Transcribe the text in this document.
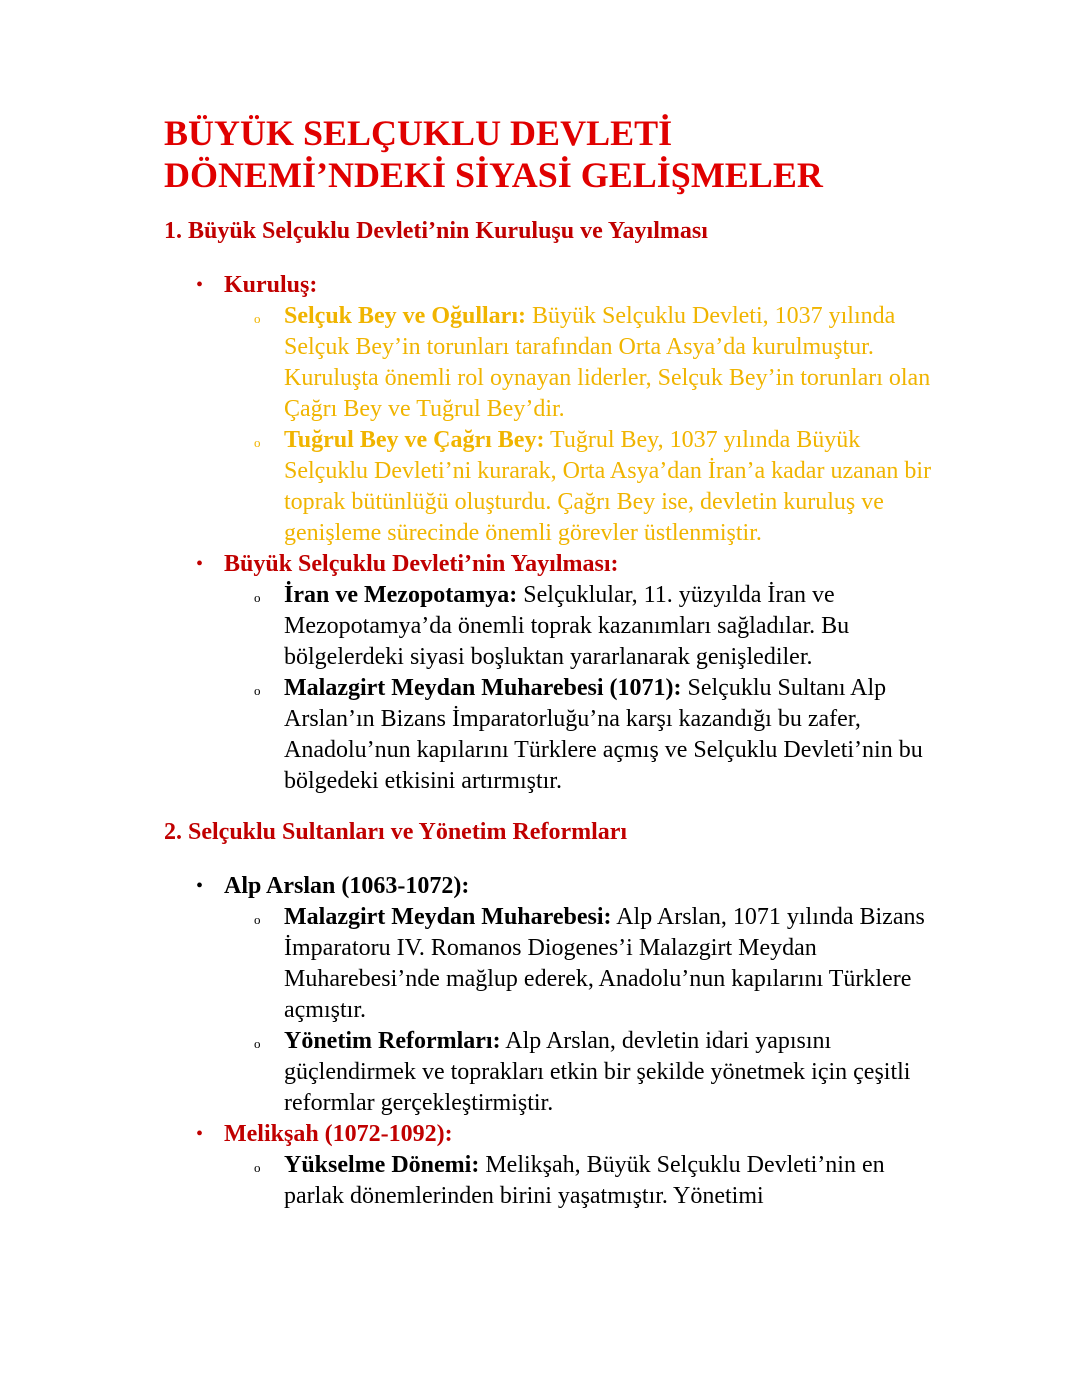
BÜYÜK SELÇUKLU DEVLETİ
DÖNEMİ’NDEKİ SİYASİ GELİŞMELER
1. Büyük Selçuklu Devleti’nin Kuruluşu ve Yayılması
• Kuruluş:
o Selçuk Bey ve Oğulları: Büyük Selçuklu Devleti, 1037 yılında Selçuk Bey’in torunları tarafından Orta Asya’da kurulmuştur. Kuruluşta önemli rol oynayan liderler, Selçuk Bey’in torunları olan Çağrı Bey ve Tuğrul Bey’dir.
o Tuğrul Bey ve Çağrı Bey: Tuğrul Bey, 1037 yılında Büyük Selçuklu Devleti’ni kurarak, Orta Asya’dan İran’a kadar uzanan bir toprak bütünlüğü oluşturdu. Çağrı Bey ise, devletin kuruluş ve genişleme sürecinde önemli görevler üstlenmiştir.
• Büyük Selçuklu Devleti’nin Yayılması:
o İran ve Mezopotamya: Selçuklular, 11. yüzyılda İran ve Mezopotamya’da önemli toprak kazanımları sağladılar. Bu bölgelerdeki siyasi boşluktan yararlanarak genişlediler.
o Malazgirt Meydan Muharebesi (1071): Selçuklu Sultanı Alp Arslan’ın Bizans İmparatorluğu’na karşı kazandığı bu zafer, Anadolu’nun kapılarını Türklere açmış ve Selçuklu Devleti’nin bu bölgedeki etkisini artırmıştır.
2. Selçuklu Sultanları ve Yönetim Reformları
• Alp Arslan (1063-1072):
o Malazgirt Meydan Muharebesi: Alp Arslan, 1071 yılında Bizans İmparatoru IV. Romanos Diogenes’i Malazgirt Meydan Muharebesi’nde mağlup ederek, Anadolu’nun kapılarını Türklere açmıştır.
o Yönetim Reformları: Alp Arslan, devletin idari yapısını güçlendirmek ve toprakları etkin bir şekilde yönetmek için çeşitli reformlar gerçekleştirmiştir.
• Melikşah (1072-1092):
o Yükselme Dönemi: Melikşah, Büyük Selçuklu Devleti’nin en parlak dönemlerinden birini yaşatmıştır. Yönetimi
